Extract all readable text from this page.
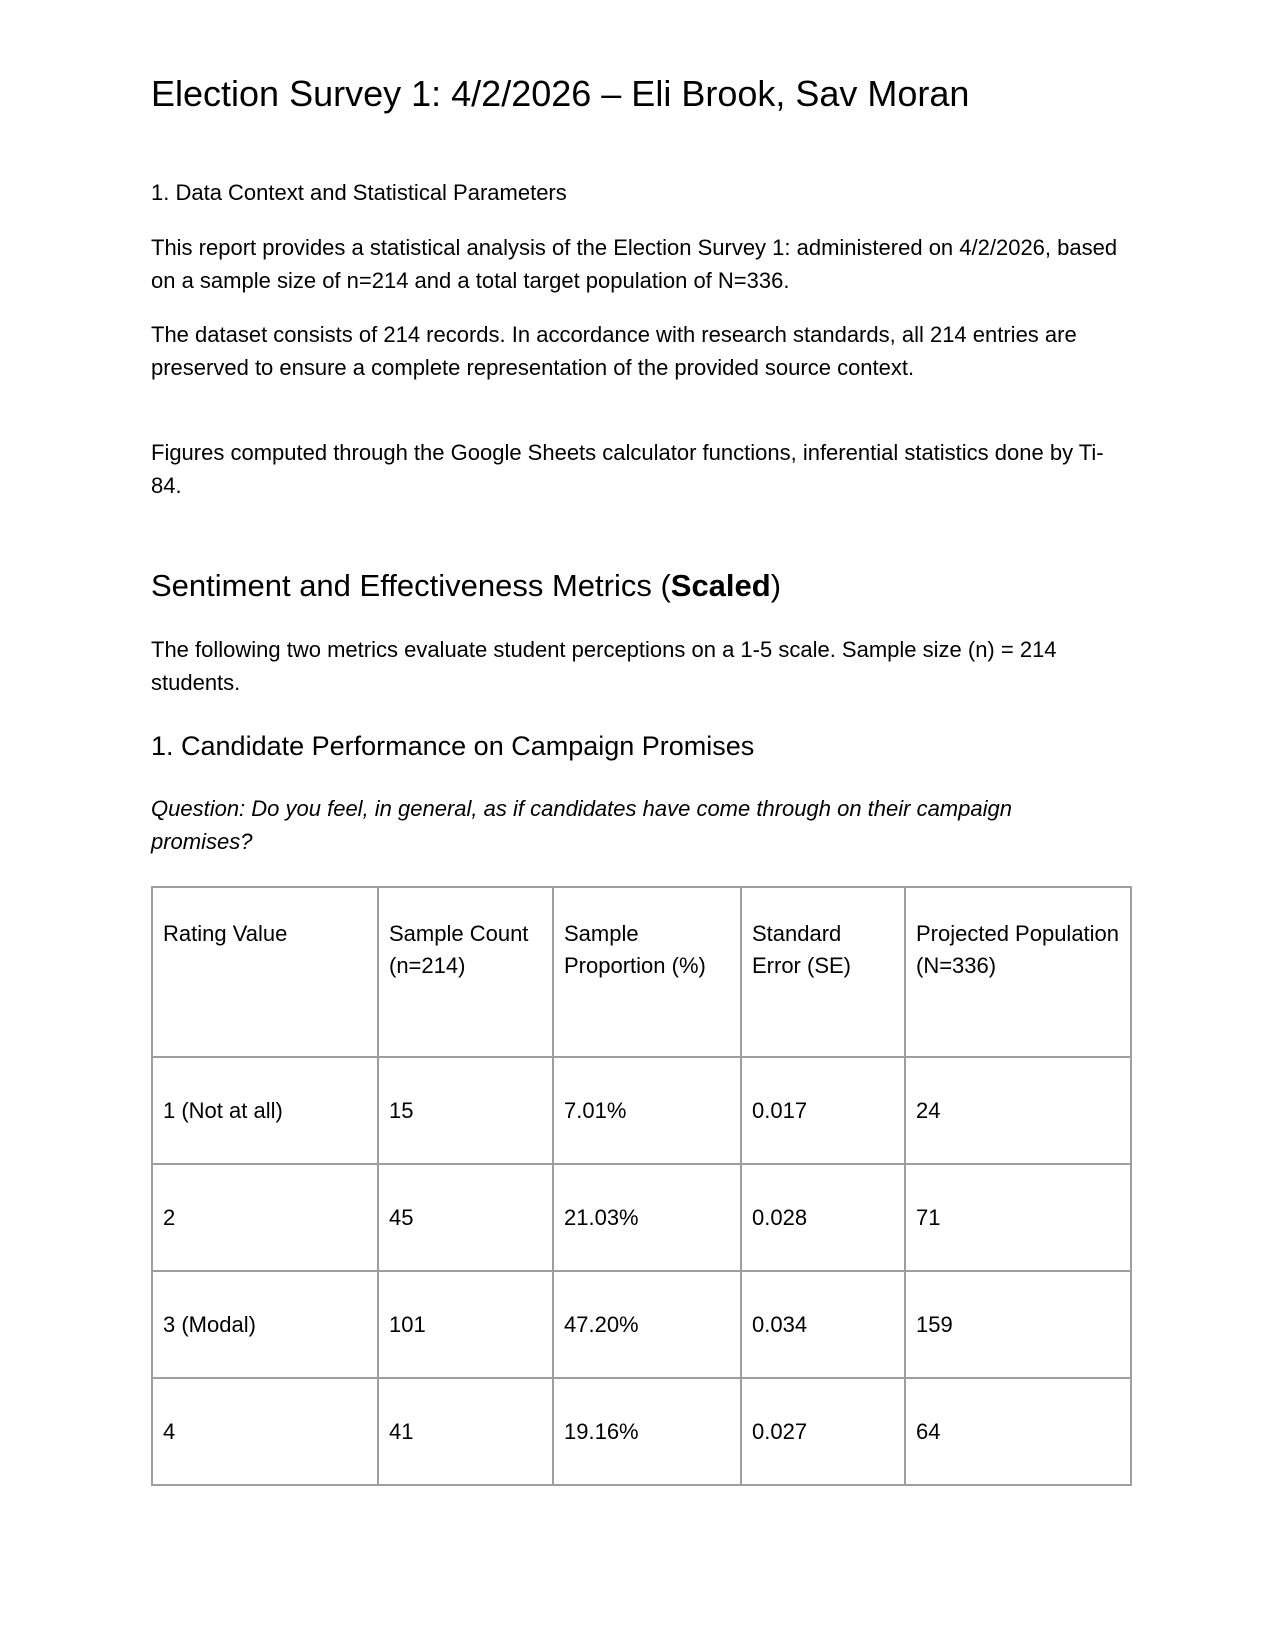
Election Survey 1: 4/2/2026 – Eli Brook, Sav Moran

1. Data Context and Statistical Parameters

This report provides a statistical analysis of the Election Survey 1: administered on 4/2/2026, based on a sample size of n=214 and a total target population of N=336.

The dataset consists of 214 records. In accordance with research standards, all 214 entries are preserved to ensure a complete representation of the provided source context.

Figures computed through the Google Sheets calculator functions, inferential statistics done by Ti-84.

Sentiment and Effectiveness Metrics (Scaled)

The following two metrics evaluate student perceptions on a 1-5 scale. Sample size (n) = 214 students.

1. Candidate Performance on Campaign Promises

Question: Do you feel, in general, as if candidates have come through on their campaign promises?

Rating Value	Sample Count (n=214)	Sample Proportion (%)	Standard Error (SE)	Projected Population (N=336)
1 (Not at all)	15	7.01%	0.017	24
2	45	21.03%	0.028	71
3 (Modal)	101	47.20%	0.034	159
4	41	19.16%	0.027	64
